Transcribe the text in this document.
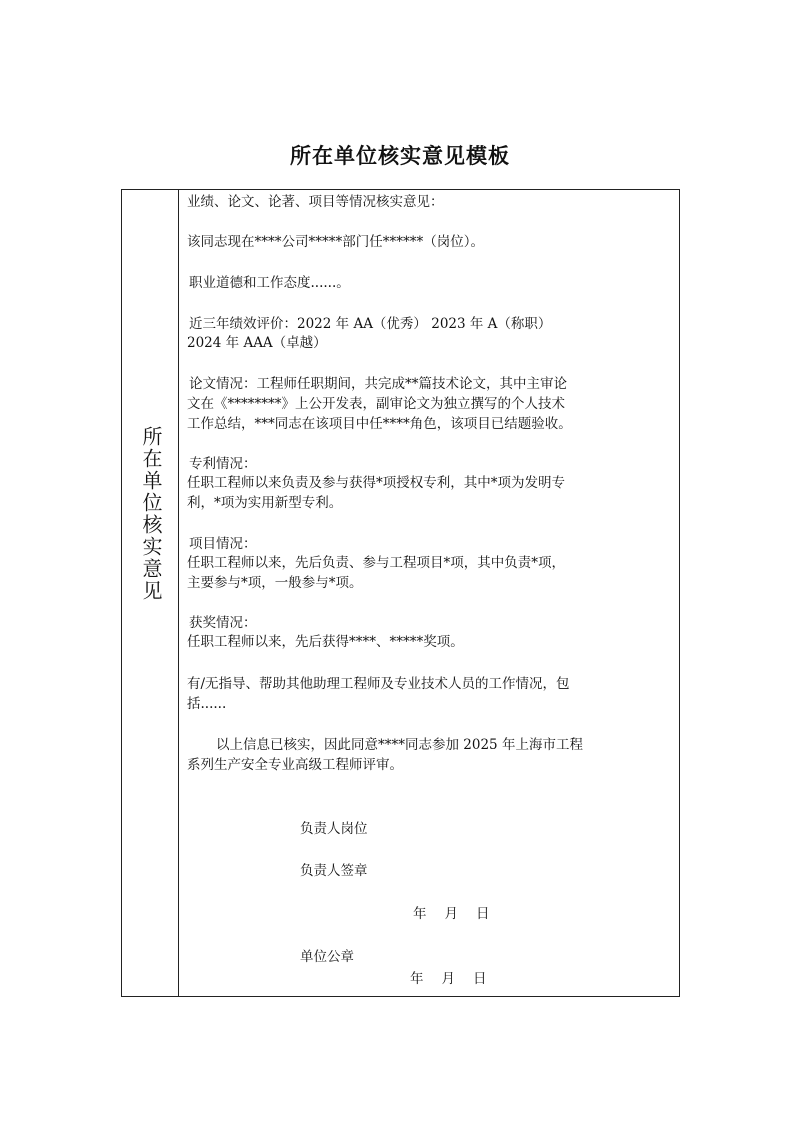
所在单位核实意见模板
所在单位核实意见
业绩、论文、论著、项目等情况核实意见：
该同志现在****公司*****部门任******（岗位）。
职业道德和工作态度......。
近三年绩效评价：2022 年 AA（优秀） 2023 年 A（称职）
2024 年 AAA（卓越）
论文情况：工程师任职期间，共完成**篇技术论文，其中主审论
文在《********》上公开发表，副审论文为独立撰写的个人技术
工作总结，***同志在该项目中任****角色，该项目已结题验收。
专利情况：
任职工程师以来负责及参与获得*项授权专利，其中*项为发明专
利，*项为实用新型专利。
项目情况：
任职工程师以来，先后负责、参与工程项目*项，其中负责*项，
主要参与*项，一般参与*项。
获奖情况：
任职工程师以来，先后获得****、*****奖项。
有/无指导、帮助其他助理工程师及专业技术人员的工作情况，包
括......
以上信息已核实，因此同意****同志参加 2025 年上海市工程
系列生产安全专业高级工程师评审。
负责人岗位
负责人签章
年 月 日
单位公章
年 月 日
